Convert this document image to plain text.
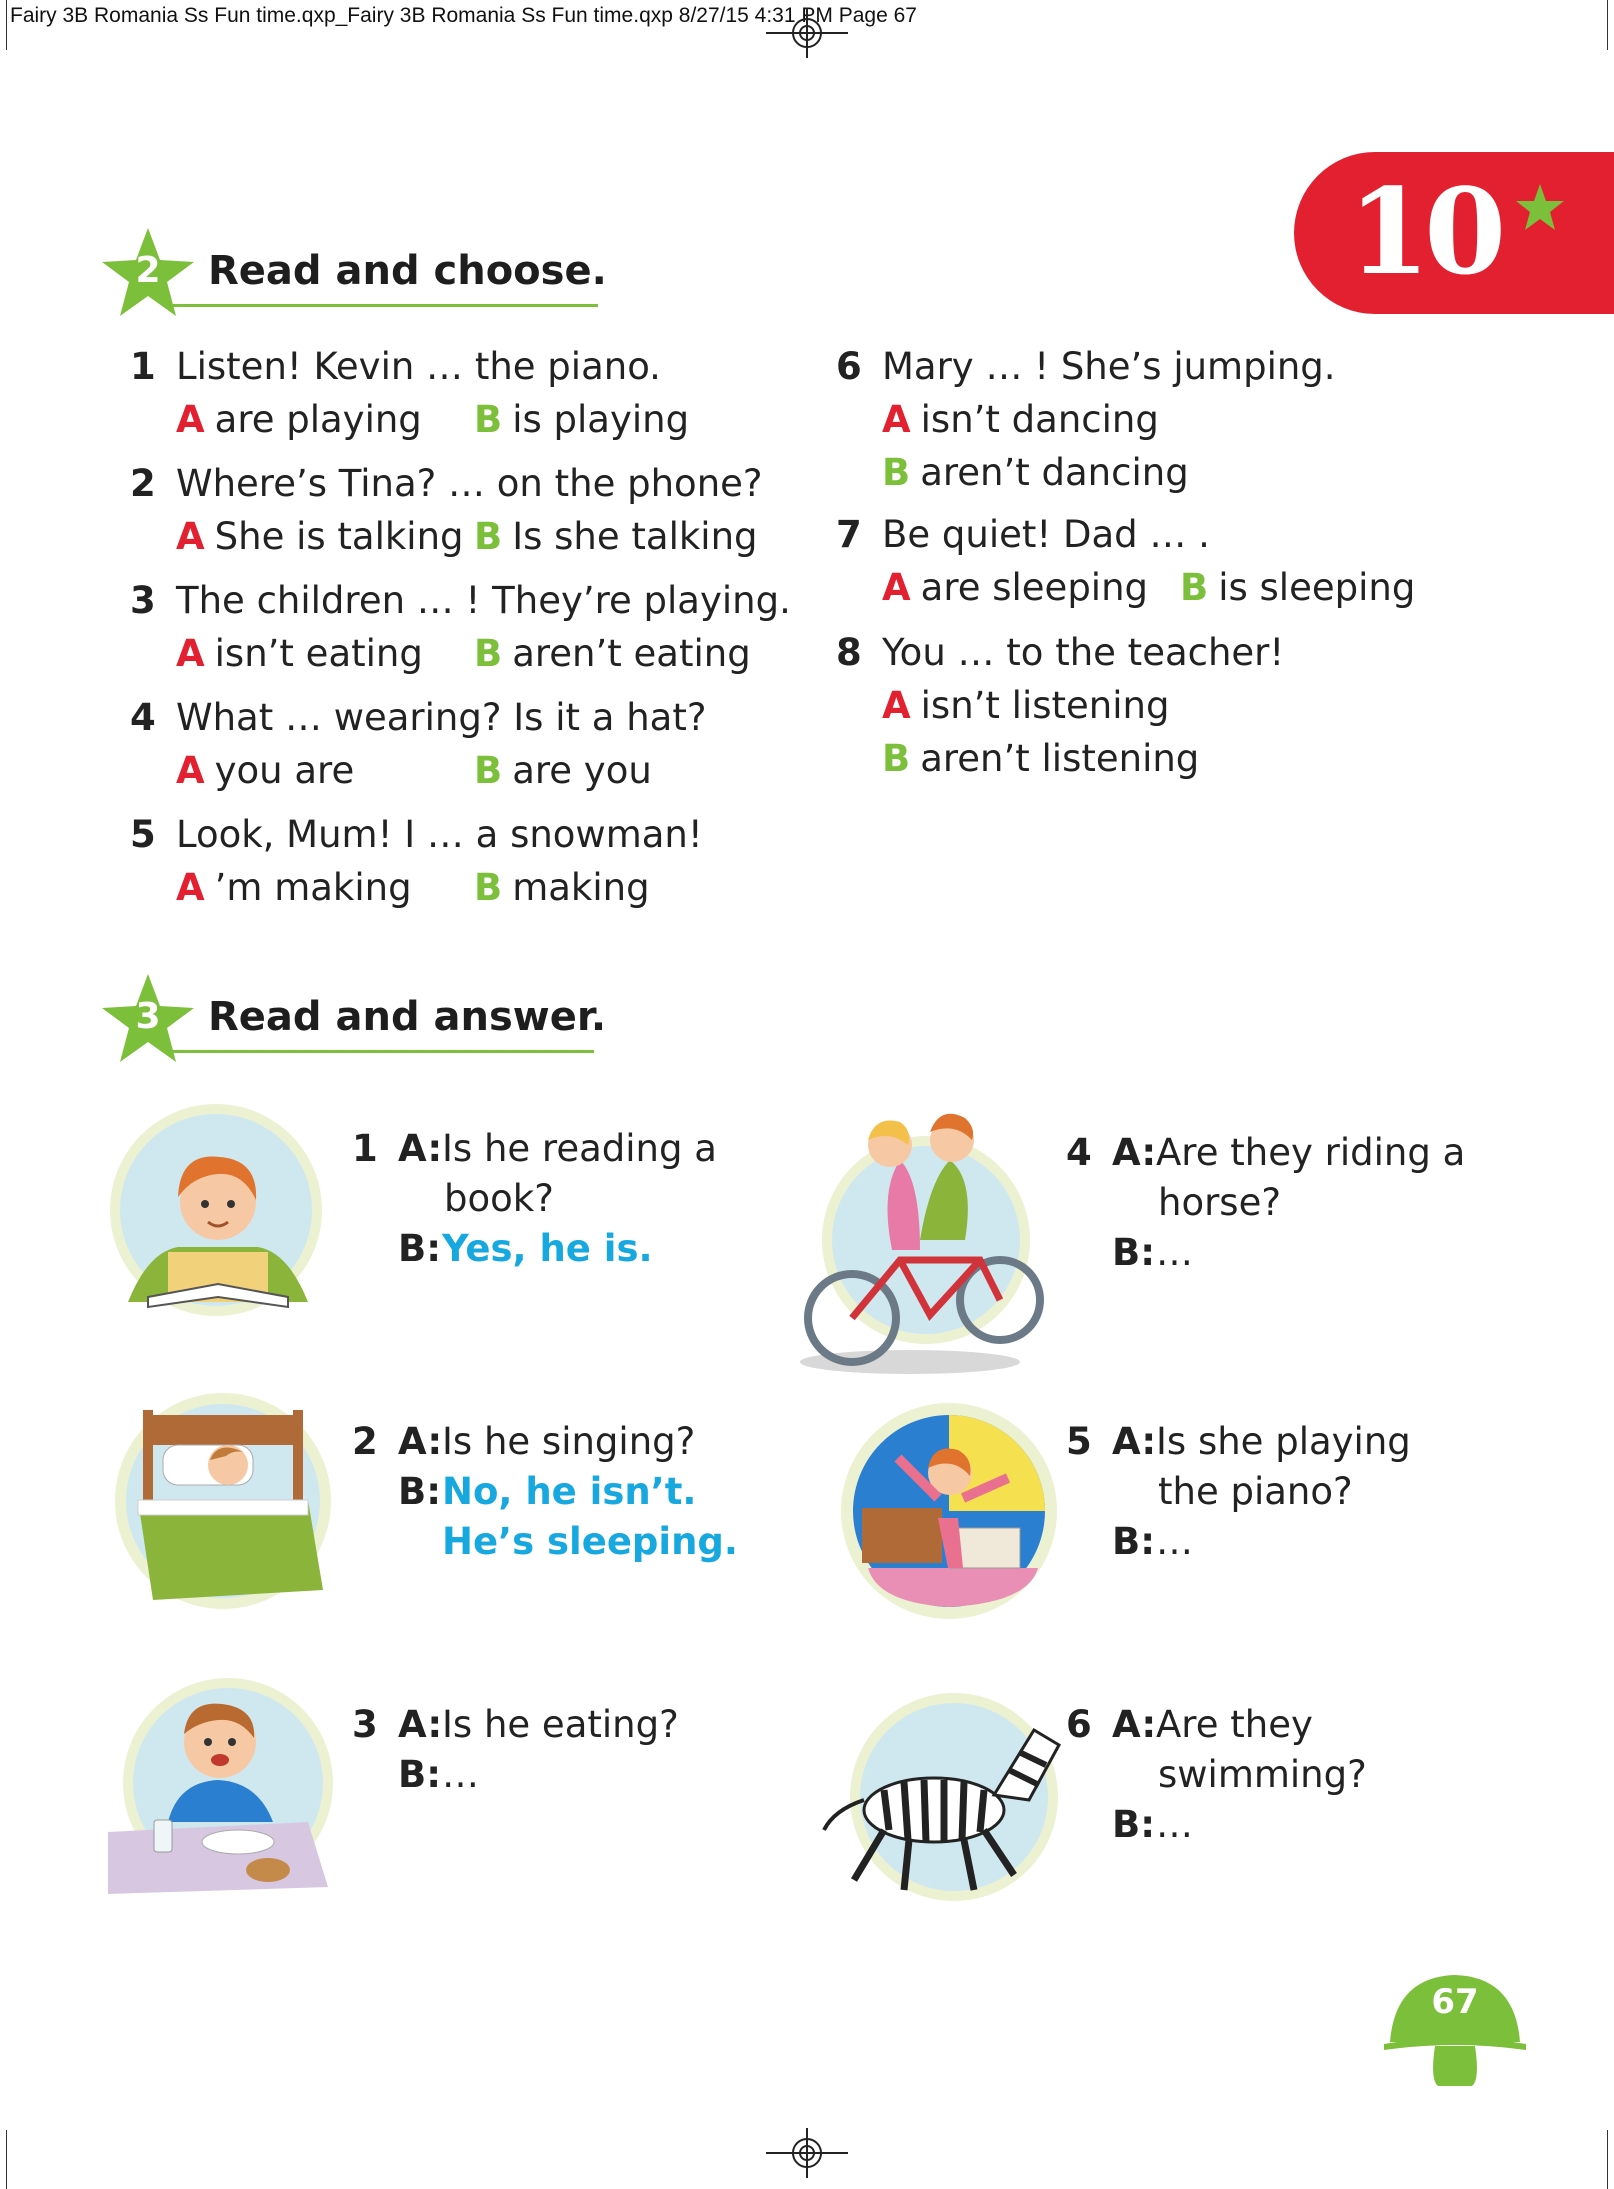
Fairy 3B Romania Ss Fun time.qxp_Fairy 3B Romania Ss Fun time.qxp 8/27/15 4:31 PM Page 67
10
2	Read and choose.
1 Listen! Kevin … the piano.
A are playing B is playing
2 Where’s Tina? … on the phone?
A She is talking B Is she talking
3 The children … ! They’re playing.
A isn’t eating B aren’t eating
4 What … wearing? Is it a hat?
A you are	B are you
5 Look, Mum! I … a snowman!
A ’m making B making
6 Mary … ! She’s jumping.
A isn’t dancing
B aren’t dancing
7 Be quiet! Dad … .
A are sleeping B is sleeping
8 You … to the teacher!
A isn’t listening
B aren’t listening
3	Read and answer.
1 A: Is he reading a
book?
B: Yes, he is.
2 A: Is he singing?
B: No, he isn’t.
He’s sleeping.
3 A: Is he eating?
B: …
4 A: Are they riding a
horse?
B: …
5 A: Is she playing
the piano?
B: …
6 A: Are they
swimming?
B: …
67
